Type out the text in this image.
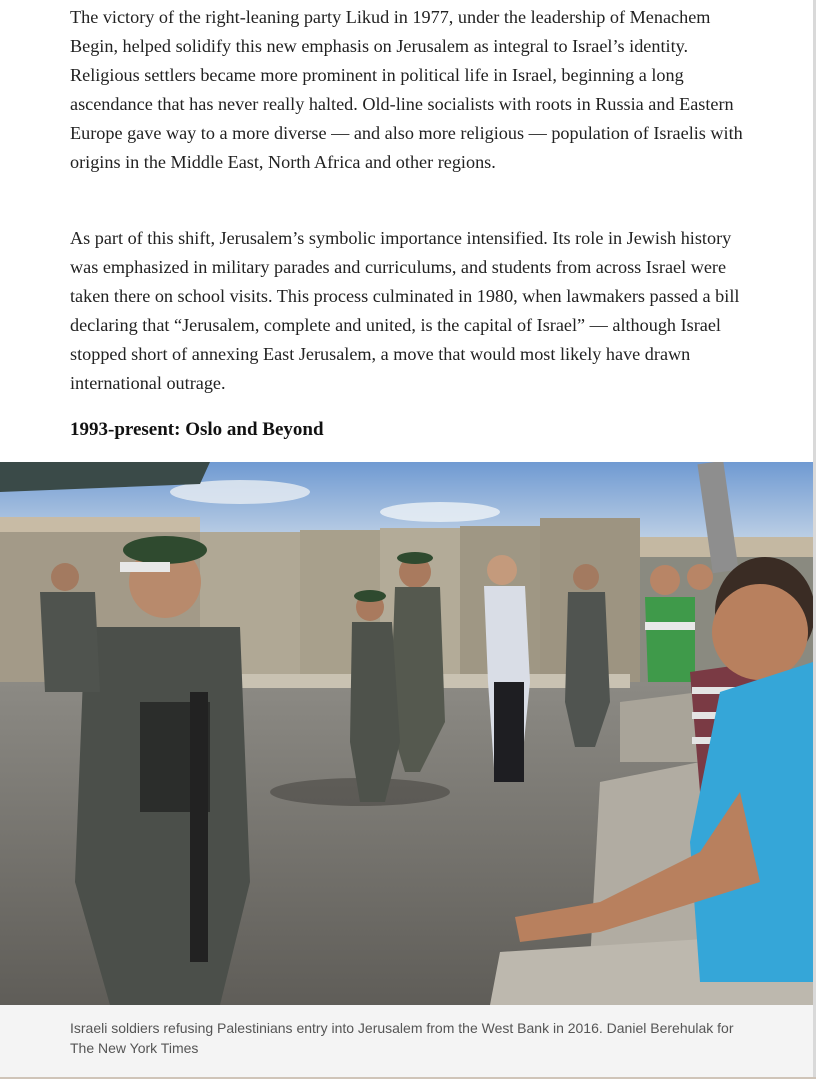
The victory of the right-leaning party Likud in 1977, under the leadership of Menachem Begin, helped solidify this new emphasis on Jerusalem as integral to Israel’s identity. Religious settlers became more prominent in political life in Israel, beginning a long ascendance that has never really halted. Old-line socialists with roots in Russia and Eastern Europe gave way to a more diverse — and also more religious — population of Israelis with origins in the Middle East, North Africa and other regions.

As part of this shift, Jerusalem’s symbolic importance intensified. Its role in Jewish history was emphasized in military parades and curriculums, and students from across Israel were taken there on school visits. This process culminated in 1980, when lawmakers passed a bill declaring that “Jerusalem, complete and united, is the capital of Israel” — although Israel stopped short of annexing East Jerusalem, a move that would most likely have drawn international outrage.

1993-present: Oslo and Beyond

Israeli soldiers refusing Palestinians entry into Jerusalem from the West Bank in 2016. Daniel Berehulak for The New York Times
